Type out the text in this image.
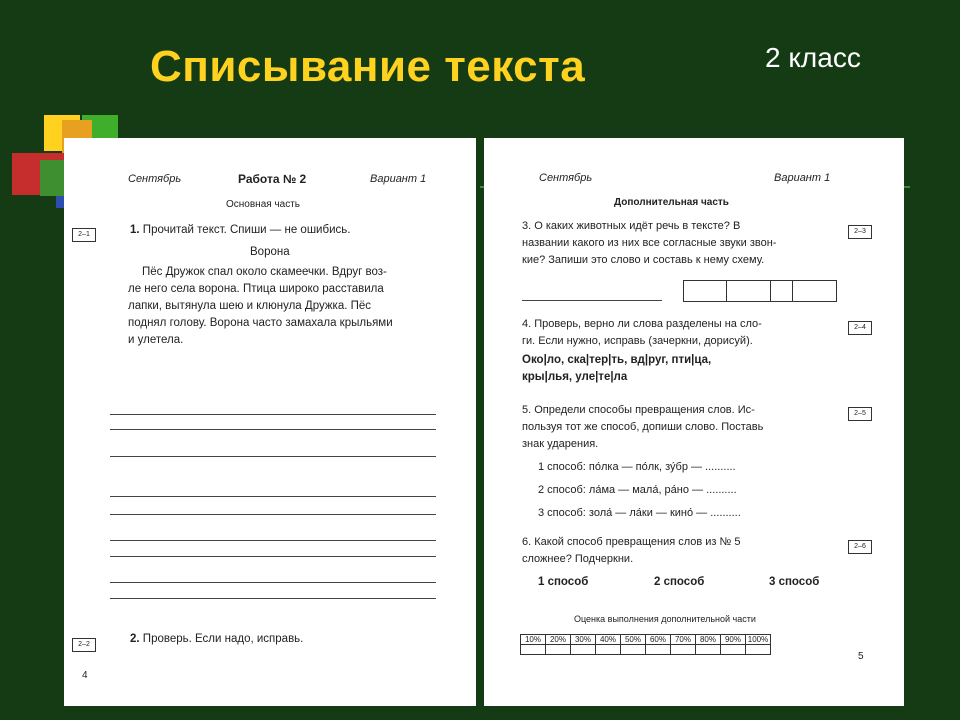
Списывание текста	2 класс
Сентябрь	Работа № 2	Вариант 1
Основная часть
2–1	1. Прочитай текст. Спиши — не ошибись.
Ворона
Пёс Дружок спал около скамеечки. Вдруг воз-
ле него села ворона. Птица широко расставила
лапки, вытянула шею и клюнула Дружка. Пёс
поднял голову. Ворона часто замахала крыльями
и улетела.
2–2	2. Проверь. Если надо, исправь.
4
Сентябрь	Вариант 1
Дополнительная часть
3. О каких животных идёт речь в тексте? В
названии какого из них все согласные звуки звон-
кие? Запиши это слово и составь к нему схему.
2–3
4. Проверь, верно ли слова разделены на сло-
ги. Если нужно, исправь (зачеркни, дорисуй).
2–4
Око|ло, ска|тер|ть, вд|руг, пти|ца,
кры|лья, уле|те|ла
5. Определи способы превращения слов. Ис-
пользуя тот же способ, допиши слово. Поставь
знак ударения.
2–5
1 способ: по́лка — по́лк, зу́бр — ..........
2 способ: ла́ма — мала́, ра́но — ..........
3 способ: зола́ — ла́ки — кино́ — ..........
6. Какой способ превращения слов из № 5
сложнее? Подчеркни.
2–6
1 способ	2 способ	3 способ
Оценка выполнения дополнительной части
10%	20%	30%	40%	50%	60%	70%	80%	90%	100%

5
